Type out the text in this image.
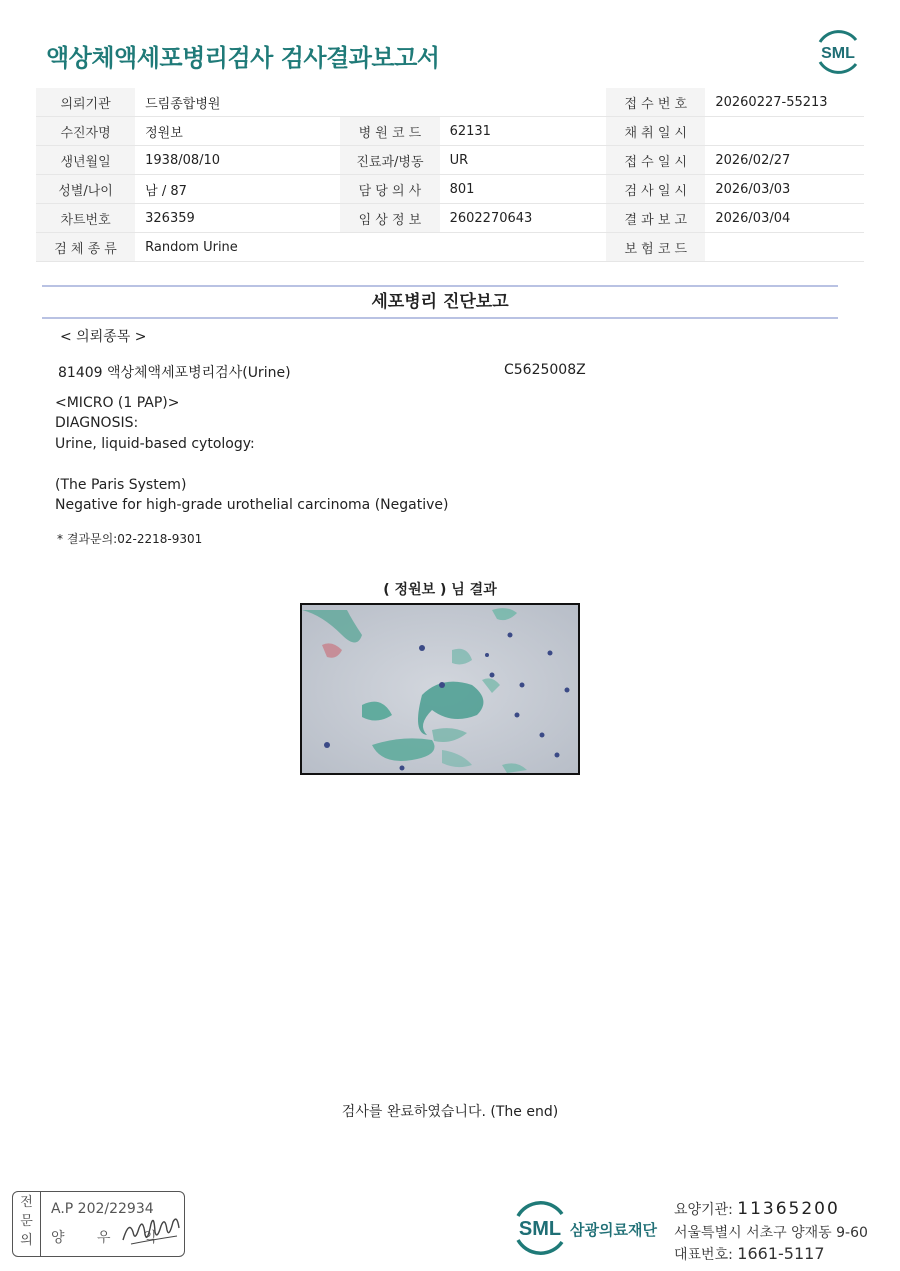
액상체액세포병리검사 검사결과보고서	SML
의뢰기관	드림종합병원			접 수 번 호	20260227-55213
수진자명	정원보	병 원 코 드	62131	채 취 일 시	
생년월일	1938/08/10	진료과/병동	UR	접 수 일 시	2026/02/27
성별/나이	남 / 87	담 당 의 사	801	검 사 일 시	2026/03/03
차트번호	326359	임 상 정 보	2602270643	결 과 보 고	2026/03/04
검 체 종 류	Random Urine			보 험 코 드	
세포병리 진단보고
< 의뢰종목 >
81409 액상체액세포병리검사(Urine)	C5625008Z
<MICRO (1 PAP)>
DIAGNOSIS:
Urine, liquid-based cytology:
(The Paris System)
Negative for high-grade urothelial carcinoma (Negative)
* 결과문의:02-2218-9301
( 정원보 ) 님 결과
검사를 완료하였습니다. (The end)
전
문
의
A.P 202/22934
양 우 익	SML 삼광의료재단
요양기관: 11365200
서울특별시 서초구 양재동 9-60
대표번호: 1661-5117
